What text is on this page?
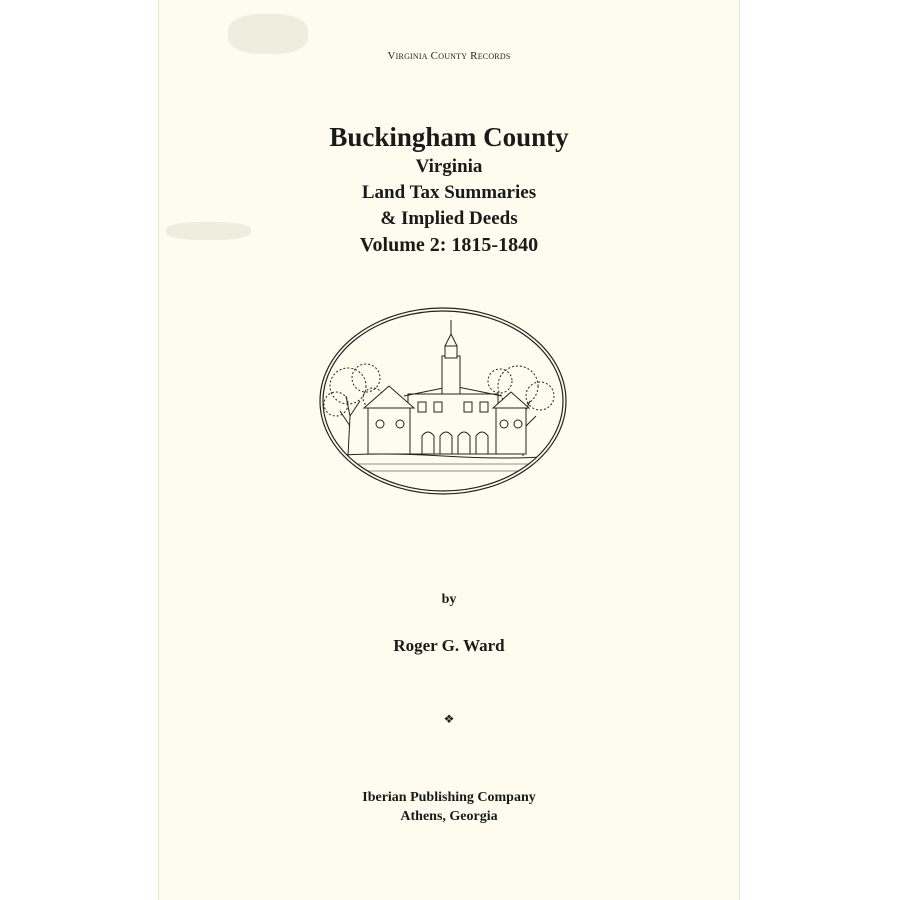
Virginia County Records
Buckingham County
Virginia
Land Tax Summaries
& Implied Deeds
Volume 2: 1815-1840
by
Roger G. Ward
❖
Iberian Publishing Company
Athens, Georgia
